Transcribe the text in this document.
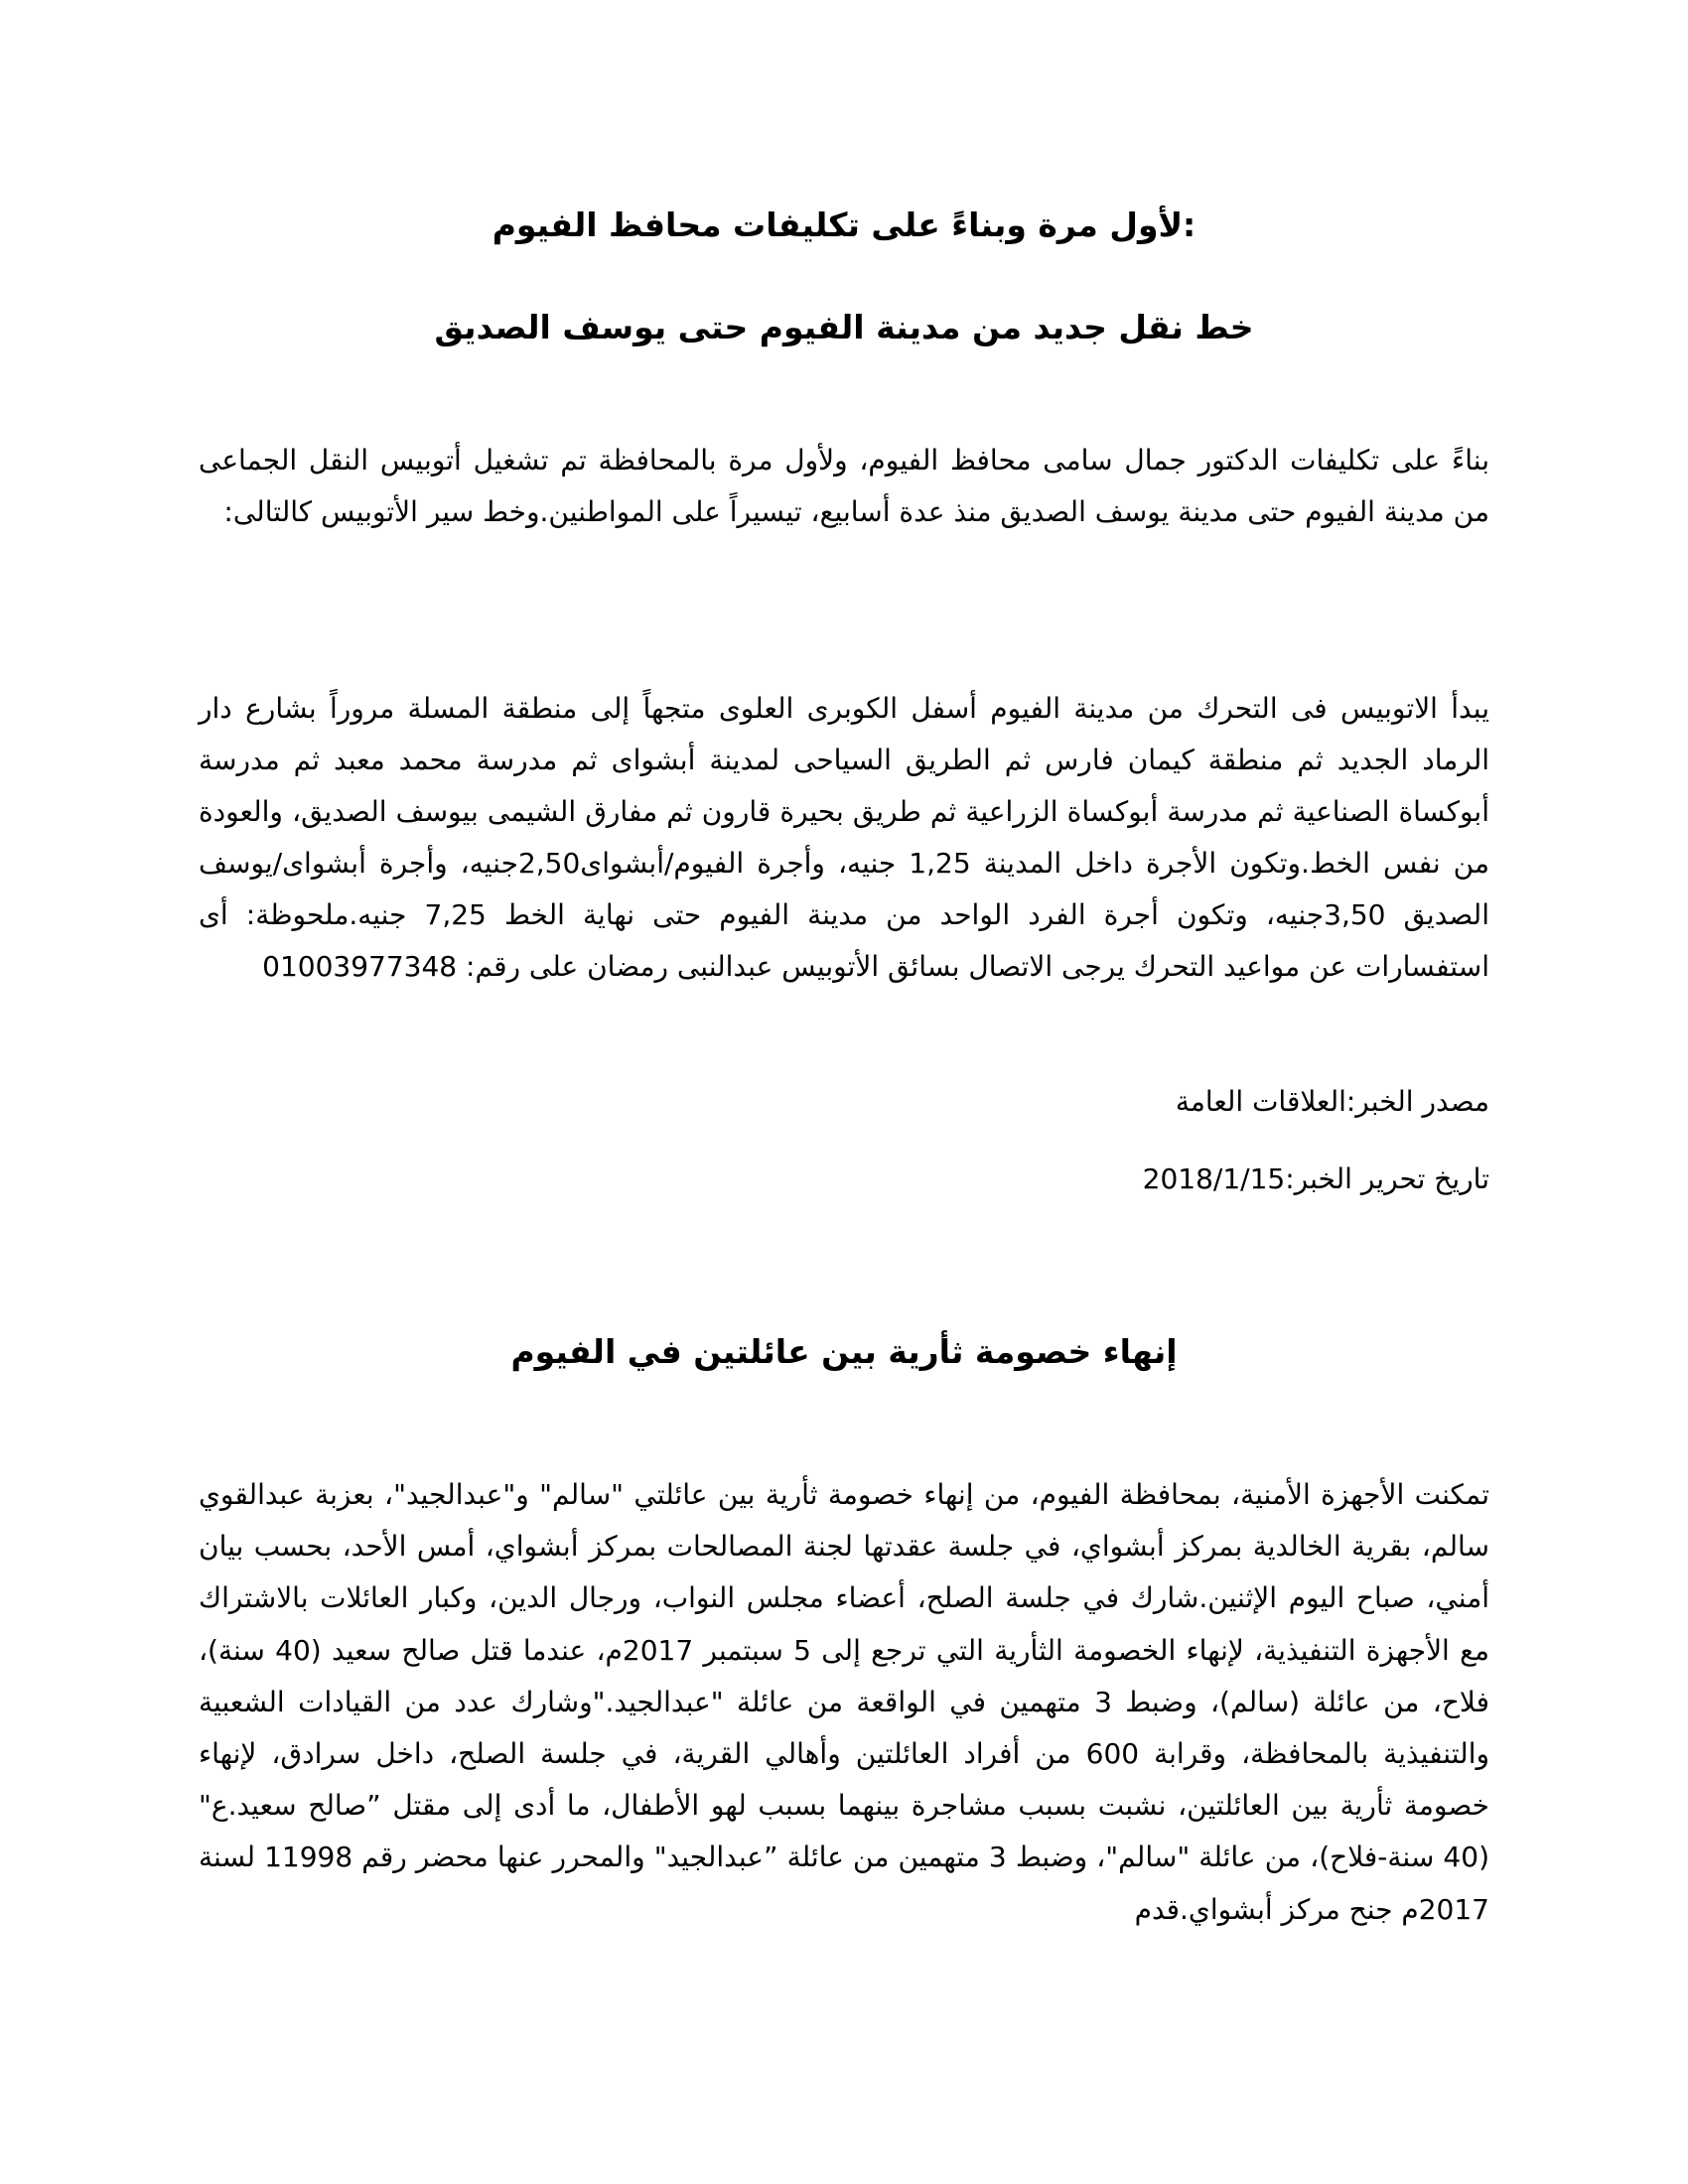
:لأول مرة وبناءً على تكليفات محافظ الفيوم
خط نقل جديد من مدينة الفيوم حتى يوسف الصديق

بناءً على تكليفات الدكتور جمال سامى محافظ الفيوم، ولأول مرة بالمحافظة تم تشغيل أتوبيس النقل الجماعى من مدينة الفيوم حتى مدينة يوسف الصديق منذ عدة أسابيع، تيسيراً على المواطنين.وخط سير الأتوبيس كالتالى:

يبدأ الاتوبيس فى التحرك من مدينة الفيوم أسفل الكوبرى العلوى متجهاً إلى منطقة المسلة مروراً بشارع دار الرماد الجديد ثم منطقة كيمان فارس ثم الطريق السياحى لمدينة أبشواى ثم مدرسة محمد معبد ثم مدرسة أبوكساة الصناعية ثم مدرسة أبوكساة الزراعية ثم طريق بحيرة قارون ثم مفارق الشيمى بيوسف الصديق، والعودة من نفس الخط.وتكون الأجرة داخل المدينة 1,25 جنيه، وأجرة الفيوم/أبشواى2,50جنيه، وأجرة أبشواى/يوسف الصديق 3,50جنيه، وتكون أجرة الفرد الواحد من مدينة الفيوم حتى نهاية الخط 7,25 جنيه.ملحوظة: أى استفسارات عن مواعيد التحرك يرجى الاتصال بسائق الأتوبيس عبدالنبى رمضان على رقم: 01003977348

مصدر الخبر:العلاقات العامة

تاريخ تحرير الخبر:2018/1/15

إنهاء خصومة ثأرية بين عائلتين في الفيوم

تمكنت الأجهزة الأمنية، بمحافظة الفيوم، من إنهاء خصومة ثأرية بين عائلتي "سالم" و"عبدالجيد"، بعزبة عبدالقوي سالم، بقرية الخالدية بمركز أبشواي، في جلسة عقدتها لجنة المصالحات بمركز أبشواي، أمس الأحد، بحسب بيان أمني، صباح اليوم الإثنين.شارك في جلسة الصلح، أعضاء مجلس النواب، ورجال الدين، وكبار العائلات بالاشتراك مع الأجهزة التنفيذية، لإنهاء الخصومة الثأرية التي ترجع إلى 5 سبتمبر 2017م، عندما قتل صالح سعيد (40 سنة)، فلاح، من عائلة (سالم)، وضبط 3 متهمين في الواقعة من عائلة "عبدالجيد."وشارك عدد من القيادات الشعبية والتنفيذية بالمحافظة، وقرابة 600 من أفراد العائلتين وأهالي القرية، في جلسة الصلح، داخل سرادق، لإنهاء خصومة ثأرية بين العائلتين، نشبت بسبب مشاجرة بينهما بسبب لهو الأطفال، ما أدى إلى مقتل ”صالح سعيد.ع" (40 سنة-فلاح)، من عائلة "سالم"، وضبط 3 متهمين من عائلة ”عبدالجيد" والمحرر عنها محضر رقم 11998 لسنة 2017م جنح مركز أبشواي.قدم
